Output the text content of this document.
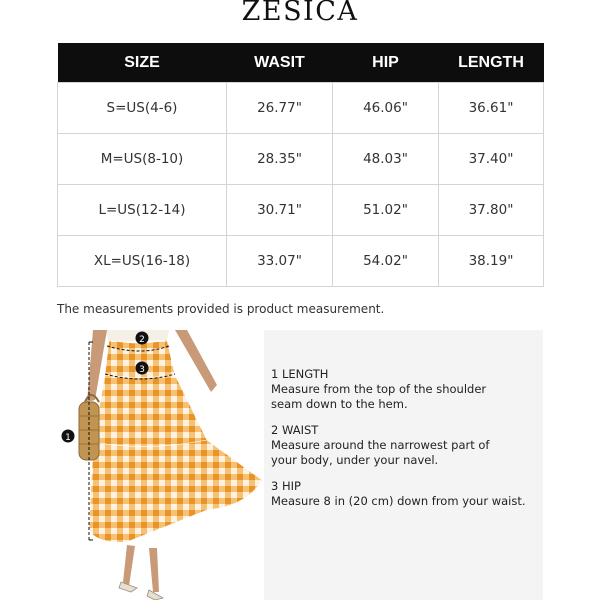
ZESICA
SIZE	WASIT	HIP	LENGTH
S=US(4-6)	26.77"	46.06"	36.61"
M=US(8-10)	28.35"	48.03"	37.40"
L=US(12-14)	30.71"	51.02"	37.80"
XL=US(16-18)	33.07"	54.02"	38.19"
The measurements provided is product measurement.
1
2
3	1 LENGTH
Measure from the top of the shoulder
seam down to the hem.
2 WAIST
Measure around the narrowest part of
your body, under your navel.
3 HIP
Measure 8 in (20 cm) down from your waist.
